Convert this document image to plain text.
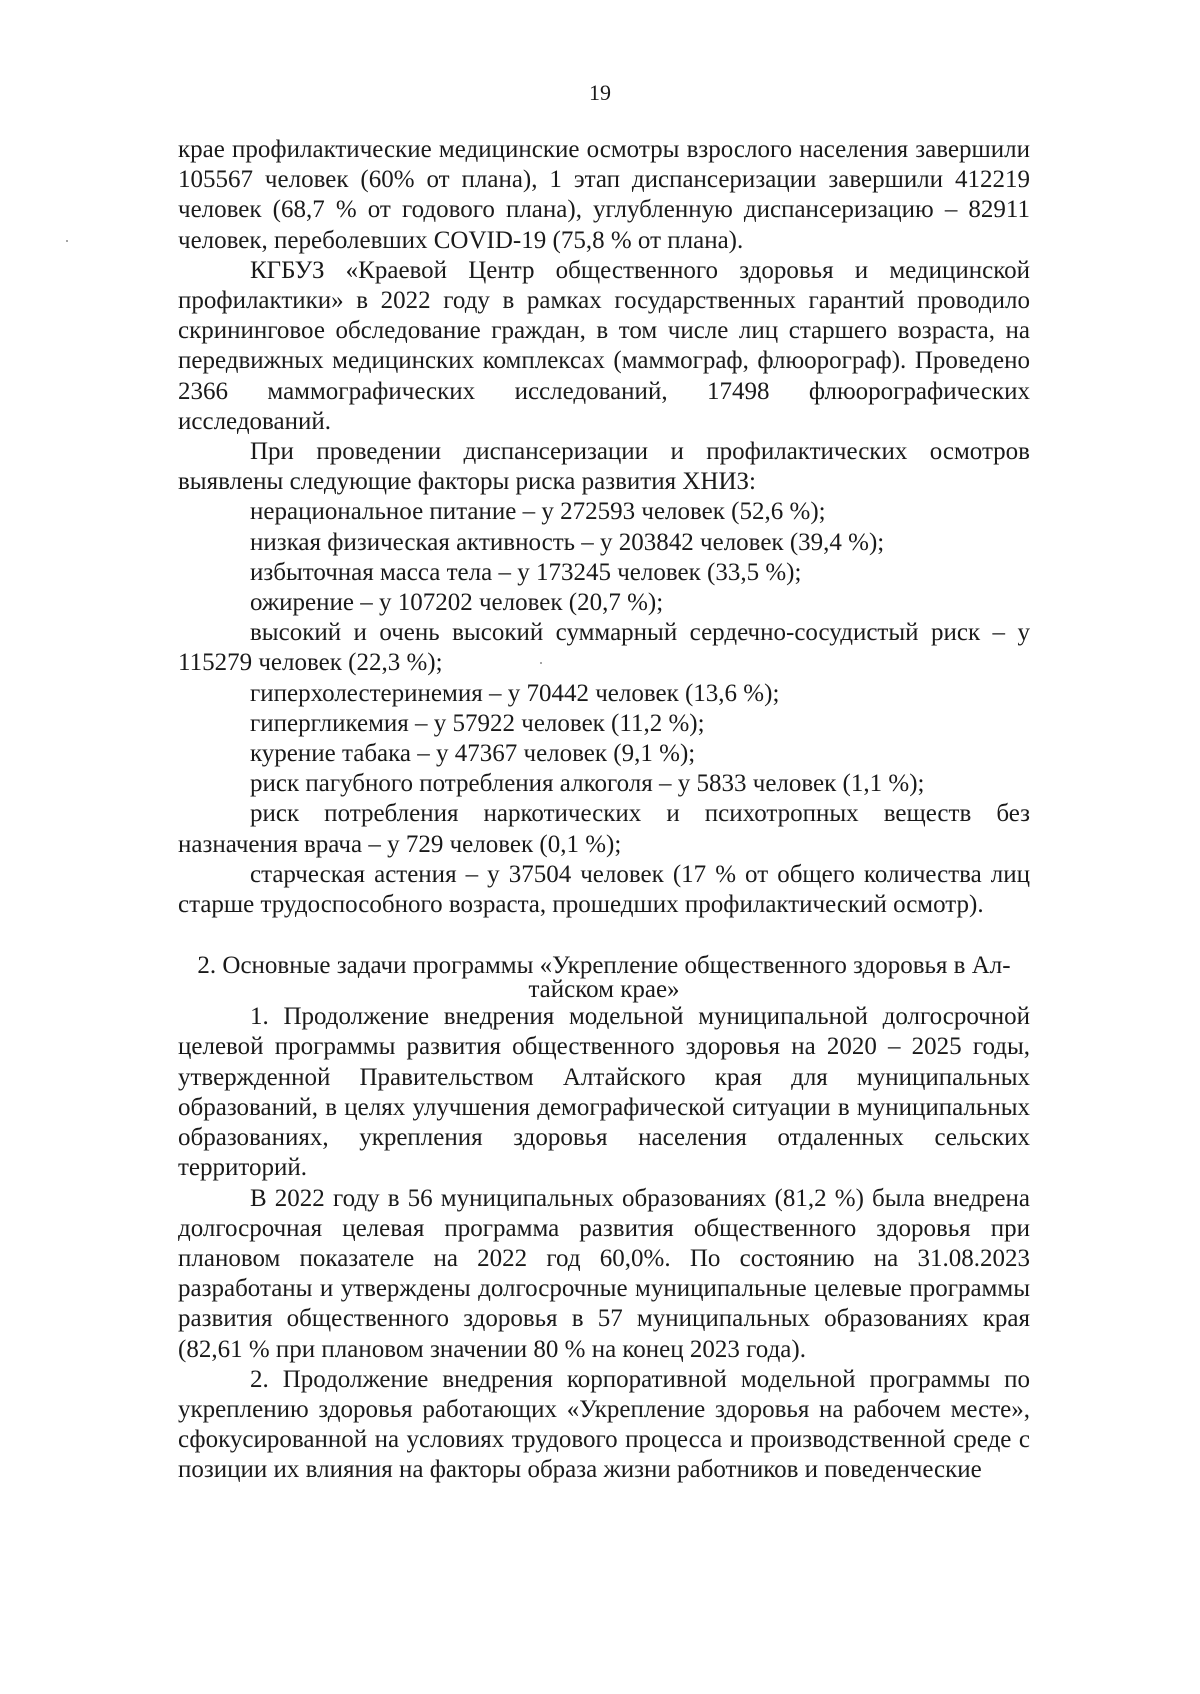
19

крае профилактические медицинские осмотры взрослого населения завершили 105567 человек (60% от плана), 1 этап диспансеризации завершили 412219 человек (68,7 % от годового плана), углубленную диспансеризацию – 82911 человек, переболевших COVID-19 (75,8 % от плана).

КГБУЗ «Краевой Центр общественного здоровья и медицинской профилактики» в 2022 году в рамках государственных гарантий проводило скрининговое обследование граждан, в том числе лиц старшего возраста, на передвижных медицинских комплексах (маммограф, флюорограф). Проведено 2366 маммографических исследований, 17498 флюорографических исследований.

При проведении диспансеризации и профилактических осмотров выявлены следующие факторы риска развития ХНИЗ:

нерациональное питание – у 272593 человек (52,6 %);
низкая физическая активность – у 203842 человек (39,4 %);
избыточная масса тела – у 173245 человек (33,5 %);
ожирение – у 107202 человек (20,7 %);
высокий и очень высокий суммарный сердечно-сосудистый риск – у 115279 человек (22,3 %);
гиперхолестеринемия – у 70442 человек (13,6 %);
гипергликемия – у 57922 человек (11,2 %);
курение табака – у 47367 человек (9,1 %);
риск пагубного потребления алкоголя – у 5833 человек (1,1 %);
риск потребления наркотических и психотропных веществ без назначения врача – у 729 человек (0,1 %);
старческая астения – у 37504 человек (17 % от общего количества лиц старше трудоспособного возраста, прошедших профилактический осмотр).
2. Основные задачи программы «Укрепление общественного здоровья в Ал-
тайском крае»

1. Продолжение внедрения модельной муниципальной долгосрочной целевой программы развития общественного здоровья на 2020 – 2025 годы, утвержденной Правительством Алтайского края для муниципальных образований, в целях улучшения демографической ситуации в муниципальных образованиях, укрепления здоровья населения отдаленных сельских территорий.

В 2022 году в 56 муниципальных образованиях (81,2 %) была внедрена долгосрочная целевая программа развития общественного здоровья при плановом показателе на 2022 год 60,0%. По состоянию на 31.08.2023 разработаны и утверждены долгосрочные муниципальные целевые программы развития общественного здоровья в 57 муниципальных образованиях края (82,61 % при плановом значении 80 % на конец 2023 года).

2. Продолжение внедрения корпоративной модельной программы по укреплению здоровья работающих «Укрепление здоровья на рабочем месте», сфокусированной на условиях трудового процесса и производственной среде с позиции их влияния на факторы образа жизни работников и поведенческие
